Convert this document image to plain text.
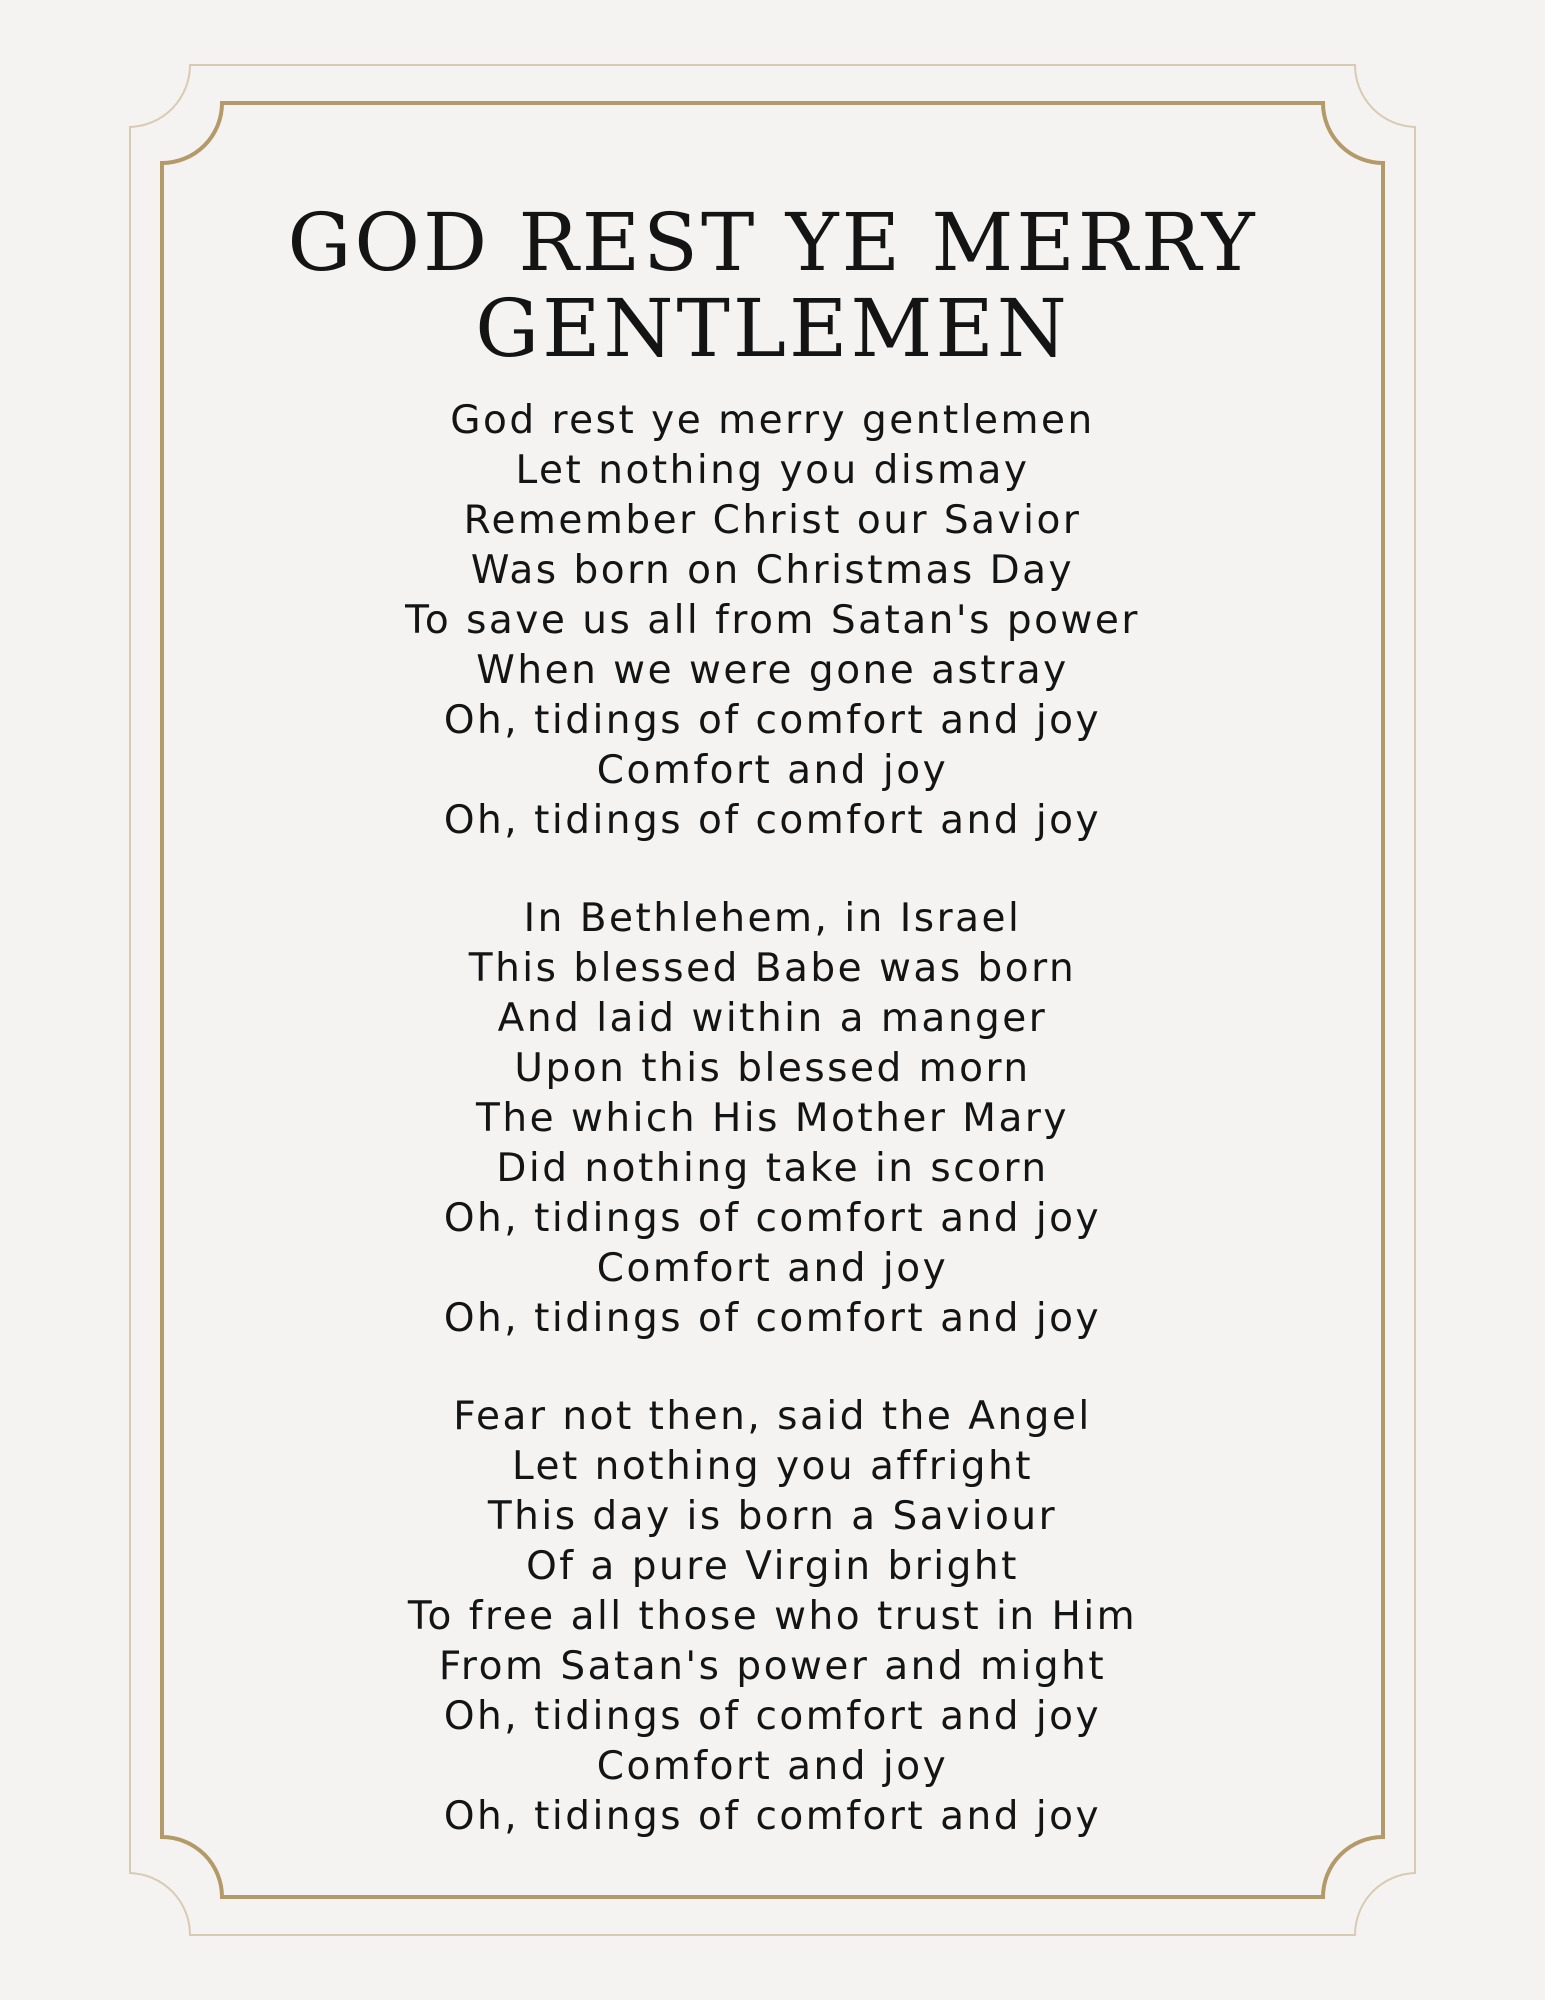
GOD REST YE MERRY
GENTLEMEN
God rest ye merry gentlemen
Let nothing you dismay
Remember Christ our Savior
Was born on Christmas Day
To save us all from Satan's power
When we were gone astray
Oh, tidings of comfort and joy
Comfort and joy
Oh, tidings of comfort and joy
In Bethlehem, in Israel
This blessed Babe was born
And laid within a manger
Upon this blessed morn
The which His Mother Mary
Did nothing take in scorn
Oh, tidings of comfort and joy
Comfort and joy
Oh, tidings of comfort and joy
Fear not then, said the Angel
Let nothing you affright
This day is born a Saviour
Of a pure Virgin bright
To free all those who trust in Him
From Satan's power and might
Oh, tidings of comfort and joy
Comfort and joy
Oh, tidings of comfort and joy
